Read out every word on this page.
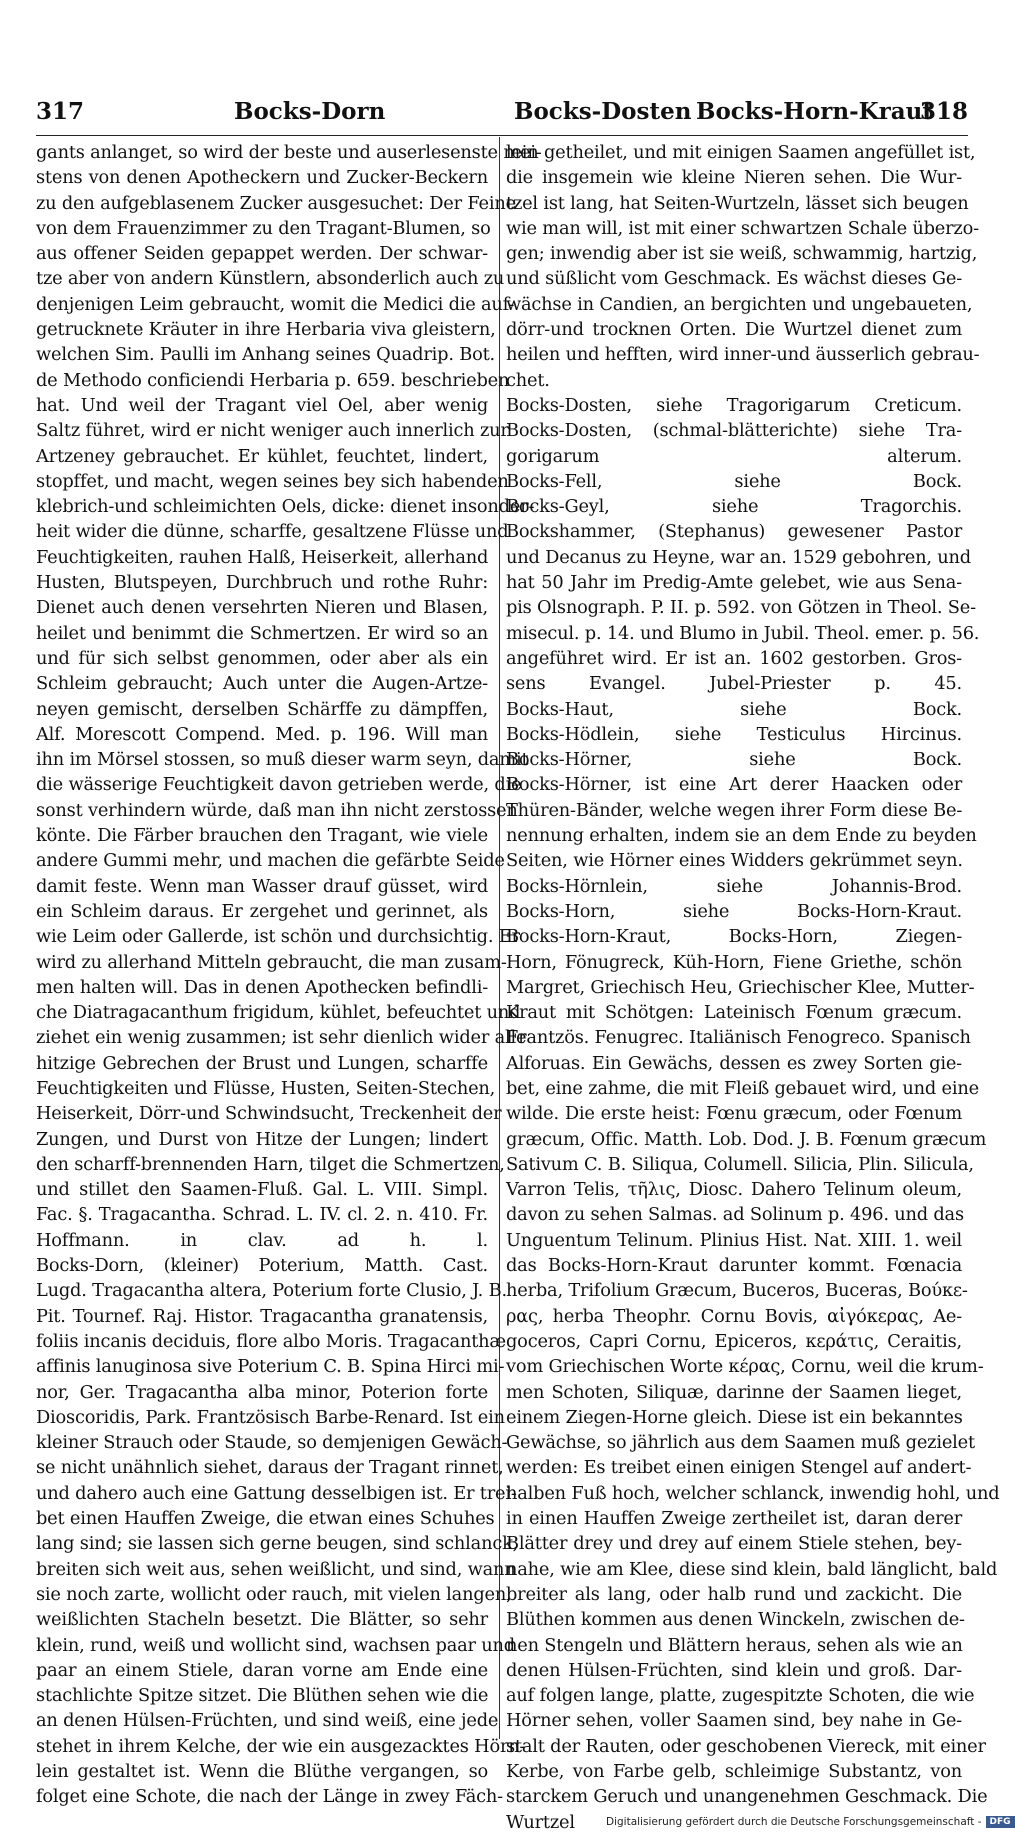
317	Bocks-Dorn	Bocks-Dosten Bocks-Horn-Kraut
318
gants anlanget, so wird der beste und auserlesenste mei-
stens von denen Apotheckern und Zucker-Beckern
zu den aufgeblasenem Zucker ausgesuchet: Der Feine
von dem Frauenzimmer zu den Tragant-Blumen, so
aus offener Seiden gepappet werden. Der schwar-
tze aber von andern Künstlern, absonderlich auch zu
denjenigen Leim gebraucht, womit die Medici die auf-
getrucknete Kräuter in ihre Herbaria viva gleistern,
welchen Sim. Paulli im Anhang seines Quadrip. Bot.
de Methodo conficiendi Herbaria p. 659. beschrieben
hat. Und weil der Tragant viel Oel, aber wenig
Saltz führet, wird er nicht weniger auch innerlich zur
Artzeney gebrauchet. Er kühlet, feuchtet, lindert,
stopffet, und macht, wegen seines bey sich habenden
klebrich-und schleimichten Oels, dicke: dienet insonder-
heit wider die dünne, scharffe, gesaltzene Flüsse und
Feuchtigkeiten, rauhen Halß, Heiserkeit, allerhand
Husten, Blutspeyen, Durchbruch und rothe Ruhr:
Dienet auch denen versehrten Nieren und Blasen,
heilet und benimmt die Schmertzen. Er wird so an
und für sich selbst genommen, oder aber als ein
Schleim gebraucht; Auch unter die Augen-Artze-
neyen gemischt, derselben Schärffe zu dämpffen,
Alf. Morescott Compend. Med. p. 196. Will man
ihn im Mörsel stossen, so muß dieser warm seyn, damit
die wässerige Feuchtigkeit davon getrieben werde, die
sonst verhindern würde, daß man ihn nicht zerstossen
könte. Die Färber brauchen den Tragant, wie viele
andere Gummi mehr, und machen die gefärbte Seide
damit feste. Wenn man Wasser drauf güsset, wird
ein Schleim daraus. Er zergehet und gerinnet, als
wie Leim oder Gallerde, ist schön und durchsichtig. Er
wird zu allerhand Mitteln gebraucht, die man zusam-
men halten will. Das in denen Apothecken befindli-
che Diatragacanthum frigidum, kühlet, befeuchtet und
ziehet ein wenig zusammen; ist sehr dienlich wider alle
hitzige Gebrechen der Brust und Lungen, scharffe
Feuchtigkeiten und Flüsse, Husten, Seiten-Stechen,
Heiserkeit, Dörr-und Schwindsucht, Treckenheit der
Zungen, und Durst von Hitze der Lungen; lindert
den scharff-brennenden Harn, tilget die Schmertzen,
und stillet den Saamen-Fluß. Gal. L. VIII. Simpl.
Fac. §. Tragacantha. Schrad. L. IV. cl. 2. n. 410. Fr.
Hoffmann. in clav. ad h. l.
Bocks-Dorn, (kleiner) Poterium, Matth. Cast.
Lugd. Tragacantha altera, Poterium forte Clusio, J. B.
Pit. Tournef. Raj. Histor. Tragacantha granatensis,
foliis incanis deciduis, flore albo Moris. Tragacanthæ
affinis lanuginosa sive Poterium C. B. Spina Hirci mi-
nor, Ger. Tragacantha alba minor, Poterion forte
Dioscoridis, Park. Frantzösisch Barbe-Renard. Ist ein
kleiner Strauch oder Staude, so demjenigen Gewäch-
se nicht unähnlich siehet, daraus der Tragant rinnet,
und dahero auch eine Gattung desselbigen ist. Er trei-
bet einen Hauffen Zweige, die etwan eines Schuhes
lang sind; sie lassen sich gerne beugen, sind schlanck,
breiten sich weit aus, sehen weißlicht, und sind, wann
sie noch zarte, wollicht oder rauch, mit vielen langen,
weißlichten Stacheln besetzt. Die Blätter, so sehr
klein, rund, weiß und wollicht sind, wachsen paar und
paar an einem Stiele, daran vorne am Ende eine
stachlichte Spitze sitzet. Die Blüthen sehen wie die
an denen Hülsen-Früchten, und sind weiß, eine jede
stehet in ihrem Kelche, der wie ein ausgezacktes Hörn-
lein gestaltet ist. Wenn die Blüthe vergangen, so
folget eine Schote, die nach der Länge in zwey Fäch-
lein getheilet, und mit einigen Saamen angefüllet ist,
die insgemein wie kleine Nieren sehen. Die Wur-
tzel ist lang, hat Seiten-Wurtzeln, lässet sich beugen
wie man will, ist mit einer schwartzen Schale überzo-
gen; inwendig aber ist sie weiß, schwammig, hartzig,
und süßlicht vom Geschmack. Es wächst dieses Ge-
wächse in Candien, an bergichten und ungebaueten,
dörr-und trocknen Orten. Die Wurtzel dienet zum
heilen und hefften, wird inner-und äusserlich gebrau-
chet.
Bocks-Dosten, siehe Tragorigarum Creticum.
Bocks-Dosten, (schmal-blätterichte) siehe Tra-
gorigarum alterum.
Bocks-Fell, siehe Bock.
Bocks-Geyl, siehe Tragorchis.
Bockshammer, (Stephanus) gewesener Pastor
und Decanus zu Heyne, war an. 1529 gebohren, und
hat 50 Jahr im Predig-Amte gelebet, wie aus Sena-
pis Olsnograph. P. II. p. 592. von Götzen in Theol. Se-
misecul. p. 14. und Blumo in Jubil. Theol. emer. p. 56.
angeführet wird. Er ist an. 1602 gestorben. Gros-
sens Evangel. Jubel-Priester p. 45.
Bocks-Haut, siehe Bock.
Bocks-Hödlein, siehe Testiculus Hircinus.
Bocks-Hörner, siehe Bock.
Bocks-Hörner, ist eine Art derer Haacken oder
Thüren-Bänder, welche wegen ihrer Form diese Be-
nennung erhalten, indem sie an dem Ende zu beyden
Seiten, wie Hörner eines Widders gekrümmet seyn.
Bocks-Hörnlein, siehe Johannis-Brod.
Bocks-Horn, siehe Bocks-Horn-Kraut.
Bocks-Horn-Kraut, Bocks-Horn, Ziegen-
Horn, Fönugreck, Küh-Horn, Fiene Griethe, schön
Margret, Griechisch Heu, Griechischer Klee, Mutter-
Kraut mit Schötgen: Lateinisch Fœnum græcum.
Frantzös. Fenugrec. Italiänisch Fenogreco. Spanisch
Alforuas. Ein Gewächs, dessen es zwey Sorten gie-
bet, eine zahme, die mit Fleiß gebauet wird, und eine
wilde. Die erste heist: Fœnu græcum, oder Fœnum
græcum, Offic. Matth. Lob. Dod. J. B. Fœnum græcum
Sativum C. B. Siliqua, Columell. Silicia, Plin. Silicula,
Varron Telis, τῆλις, Diosc. Dahero Telinum oleum,
davon zu sehen Salmas. ad Solinum p. 496. und das
Unguentum Telinum. Plinius Hist. Nat. XIII. 1. weil
das Bocks-Horn-Kraut darunter kommt. Fœnacia
herba, Trifolium Græcum, Buceros, Buceras, Βούκε-
ρας, herba Theophr. Cornu Bovis, αἰγόκερας, Ae-
goceros, Capri Cornu, Epiceros, κεράτις, Ceraitis,
vom Griechischen Worte κέρας, Cornu, weil die krum-
men Schoten, Siliquæ, darinne der Saamen lieget,
einem Ziegen-Horne gleich. Diese ist ein bekanntes
Gewächse, so jährlich aus dem Saamen muß gezielet
werden: Es treibet einen einigen Stengel auf andert-
halben Fuß hoch, welcher schlanck, inwendig hohl, und
in einen Hauffen Zweige zertheilet ist, daran derer
Blätter drey und drey auf einem Stiele stehen, bey-
nahe, wie am Klee, diese sind klein, bald länglicht, bald
breiter als lang, oder halb rund und zackicht. Die
Blüthen kommen aus denen Winckeln, zwischen de-
nen Stengeln und Blättern heraus, sehen als wie an
denen Hülsen-Früchten, sind klein und groß. Dar-
auf folgen lange, platte, zugespitzte Schoten, die wie
Hörner sehen, voller Saamen sind, bey nahe in Ge-
stalt der Rauten, oder geschobenen Viereck, mit einer
Kerbe, von Farbe gelb, schleimige Substantz, von
starckem Geruch und unangenehmen Geschmack. Die
Wurtzel	Digitalisierung gefördert durch die Deutsche Forschungsgemeinschaft - DFG
